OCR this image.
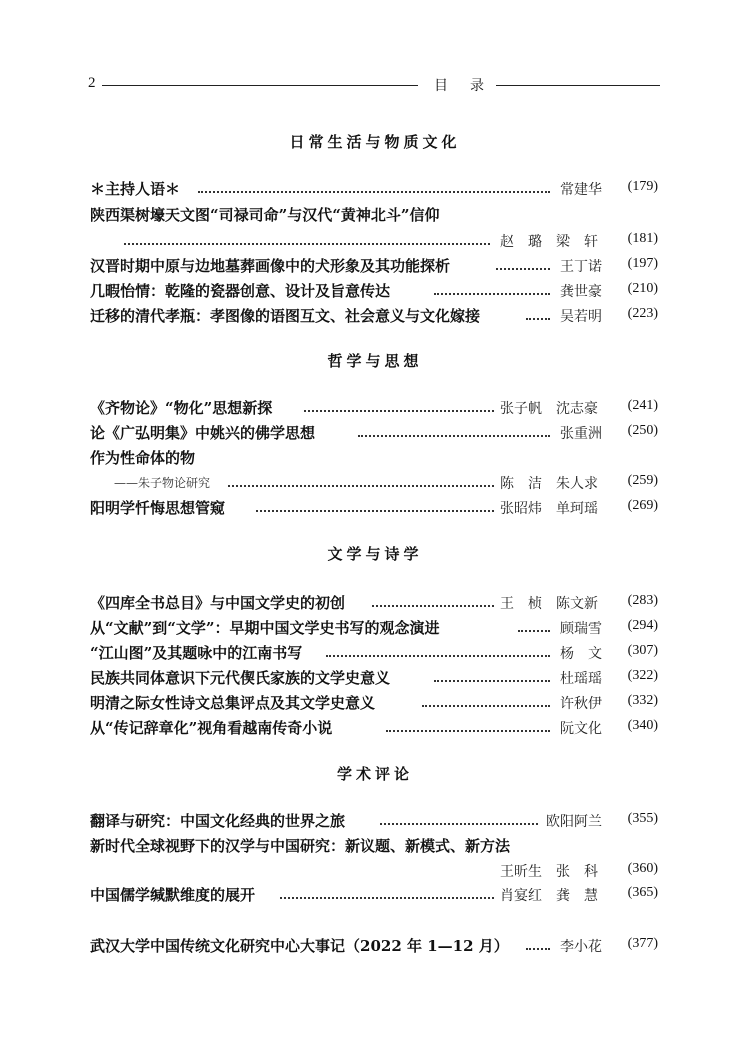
2	目 录
日常生活与物质文化
＊主持人语＊	常建华 (179)
陕西渠树壕天文图“司禄司命”与汉代“黄神北斗”信仰
赵　璐　梁　轩 (181)
汉晋时期中原与边地墓葬画像中的犬形象及其功能探析	王丁诺 (197)
几暇怡情：乾隆的瓷器创意、设计及旨意传达	龚世豪 (210)
迁移的清代孝瓶：孝图像的语图互文、社会意义与文化嫁接	吴若明 (223)
哲学与思想
《齐物论》“物化”思想新探	张子帆　沈志豪 (241)
论《广弘明集》中姚兴的佛学思想	张重洲 (250)
作为性命体的物
——朱子物论研究	陈　洁　朱人求 (259)
阳明学忏悔思想管窥	张昭炜　单珂瑶 (269)
文学与诗学
《四库全书总目》与中国文学史的初创	王　桢　陈文新 (283)
从“文献”到“文学”：早期中国文学史书写的观念演进	顾瑞雪 (294)
“江山图”及其题咏中的江南书写	杨　文 (307)
民族共同体意识下元代偰氏家族的文学史意义	杜瑶瑶 (322)
明清之际女性诗文总集评点及其文学史意义	许秋伊 (332)
从“传记辞章化”视角看越南传奇小说	阮文化 (340)
学术评论
翻译与研究：中国文化经典的世界之旅	欧阳阿兰 (355)
新时代全球视野下的汉学与中国研究：新议题、新模式、新方法
王昕生　张　科 (360)
中国儒学缄默维度的展开	肖宴红　龚　慧 (365)
武汉大学中国传统文化研究中心大事记（2022 年 1—12 月）	李小花 (377)
